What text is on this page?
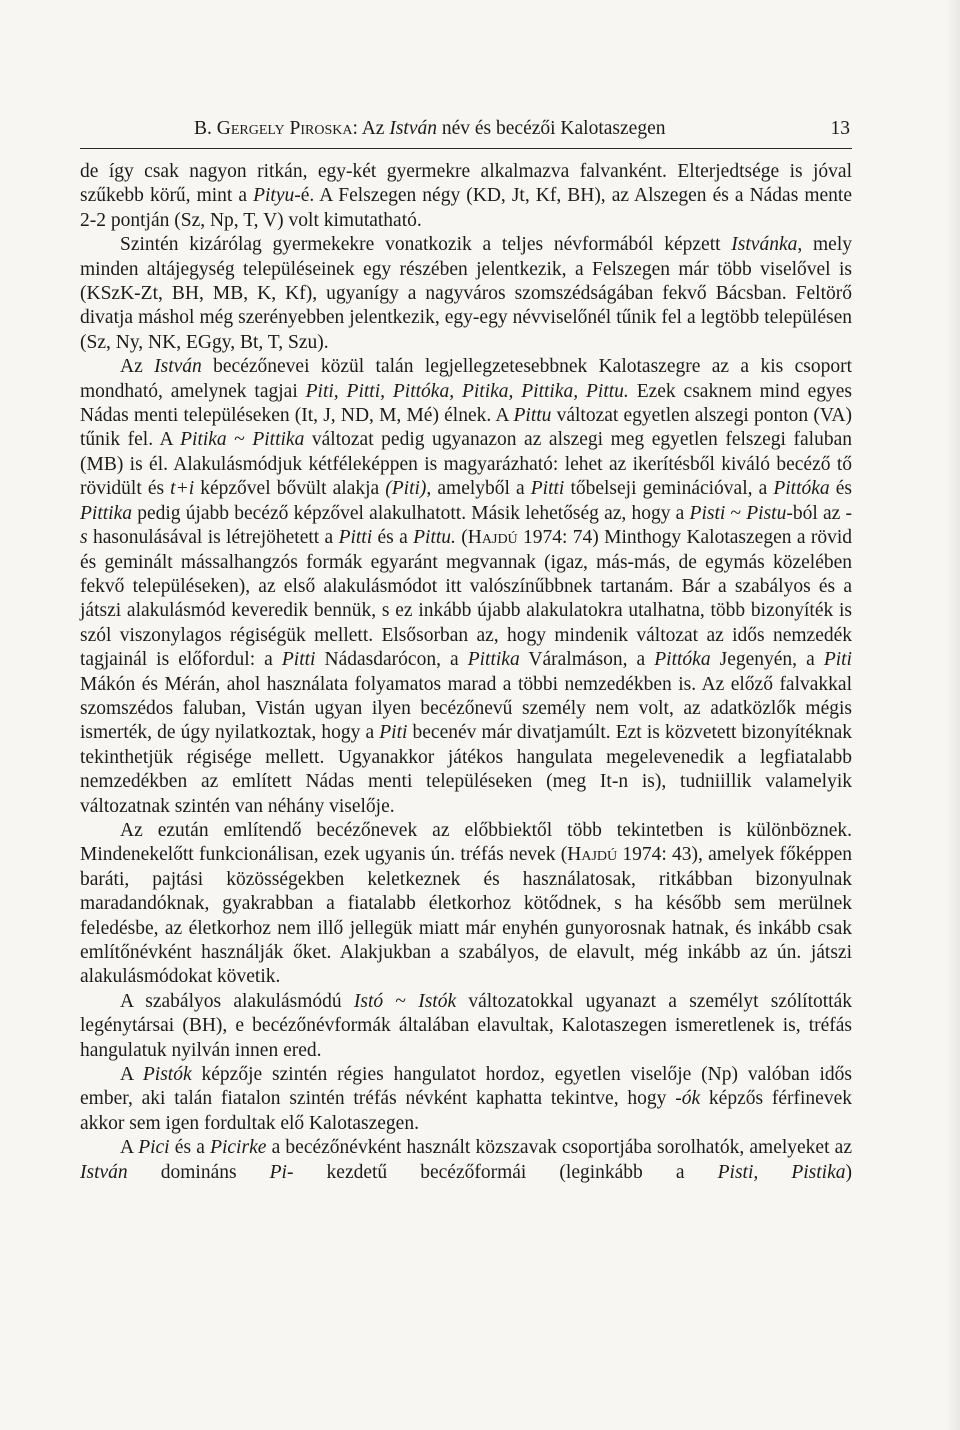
B. Gergely Piroska: Az István név és becézői Kalotaszegen	13

de így csak nagyon ritkán, egy-két gyermekre alkalmazva falvanként. Elterjedtsége is jóval szűkebb körű, mint a Pityu-é. A Felszegen négy (KD, Jt, Kf, BH), az Alszegen és a Nádas mente 2-2 pontján (Sz, Np, T, V) volt kimutatható.

Szintén kizárólag gyermekekre vonatkozik a teljes névformából képzett Istvánka, mely minden altájegység településeinek egy részében jelentkezik, a Felszegen már több viselővel is (KSzK-Zt, BH, MB, K, Kf), ugyanígy a nagyváros szomszédságában fekvő Bácsban. Feltörő divatja máshol még szerényebben jelentkezik, egy-egy névviselőnél tűnik fel a legtöbb településen (Sz, Ny, NK, EGgy, Bt, T, Szu).

Az István becézőnevei közül talán legjellegzetesebbnek Kalotaszegre az a kis csoport mondható, amelynek tagjai Piti, Pitti, Pittóka, Pitika, Pittika, Pittu. Ezek csaknem mind egyes Nádas menti településeken (It, J, ND, M, Mé) élnek. A Pittu változat egyetlen alszegi ponton (VA) tűnik fel. A Pitika ~ Pittika változat pedig ugyanazon az alszegi meg egyetlen felszegi faluban (MB) is él. Alakulásmódjuk kétféleképpen is magyarázható: lehet az ikerítésből kiváló becéző tő rövidült és t+i képzővel bővült alakja (Piti), amelyből a Pitti tőbelseji geminációval, a Pittóka és Pittika pedig újabb becéző képzővel alakulhatott. Másik lehetőség az, hogy a Pisti ~ Pistu-ból az -s hasonulásával is létrejöhetett a Pitti és a Pittu. (Hajdú 1974: 74) Minthogy Kalotaszegen a rövid és geminált mássalhangzós formák egyaránt megvannak (igaz, más-más, de egymás közelében fekvő településeken), az első alakulásmódot itt valószínűbbnek tartanám. Bár a szabályos és a játszi alakulásmód keveredik bennük, s ez inkább újabb alakulatokra utalhatna, több bizonyíték is szól viszonylagos régiségük mellett. Elsősorban az, hogy mindenik változat az idős nemzedék tagjainál is előfordul: a Pitti Nádasdarócon, a Pittika Váralmáson, a Pittóka Jegenyén, a Piti Mákón és Mérán, ahol használata folyamatos marad a többi nemzedékben is. Az előző falvakkal szomszédos faluban, Vistán ugyan ilyen becézőnevű személy nem volt, az adatközlők mégis ismerték, de úgy nyilatkoztak, hogy a Piti becenév már divatjamúlt. Ezt is közvetett bizonyítéknak tekinthetjük régisége mellett. Ugyanakkor játékos hangulata megelevenedik a legfiatalabb nemzedékben az említett Nádas menti településeken (meg It-n is), tudniillik valamelyik változatnak szintén van néhány viselője.

Az ezután említendő becézőnevek az előbbiektől több tekintetben is különböznek. Mindenekelőtt funkcionálisan, ezek ugyanis ún. tréfás nevek (Hajdú 1974: 43), amelyek főképpen baráti, pajtási közösségekben keletkeznek és használatosak, ritkábban bizonyulnak maradandóknak, gyakrabban a fiatalabb életkorhoz kötődnek, s ha később sem merülnek feledésbe, az életkorhoz nem illő jellegük miatt már enyhén gunyorosnak hatnak, és inkább csak említőnévként használják őket. Alakjukban a szabályos, de elavult, még inkább az ún. játszi alakulásmódokat követik.

A szabályos alakulásmódú Istó ~ Istók változatokkal ugyanazt a személyt szólították legénytársai (BH), e becézőnévformák általában elavultak, Kalotaszegen ismeretlenek is, tréfás hangulatuk nyilván innen ered.

A Pistók képzője szintén régies hangulatot hordoz, egyetlen viselője (Np) valóban idős ember, aki talán fiatalon szintén tréfás névként kaphatta tekintve, hogy -ók képzős férfinevek akkor sem igen fordultak elő Kalotaszegen.

A Pici és a Picirke a becézőnévként használt közszavak csoportjába sorolhatók, amelyeket az István domináns Pi- kezdetű becézőformái (leginkább a Pisti, Pistika)
